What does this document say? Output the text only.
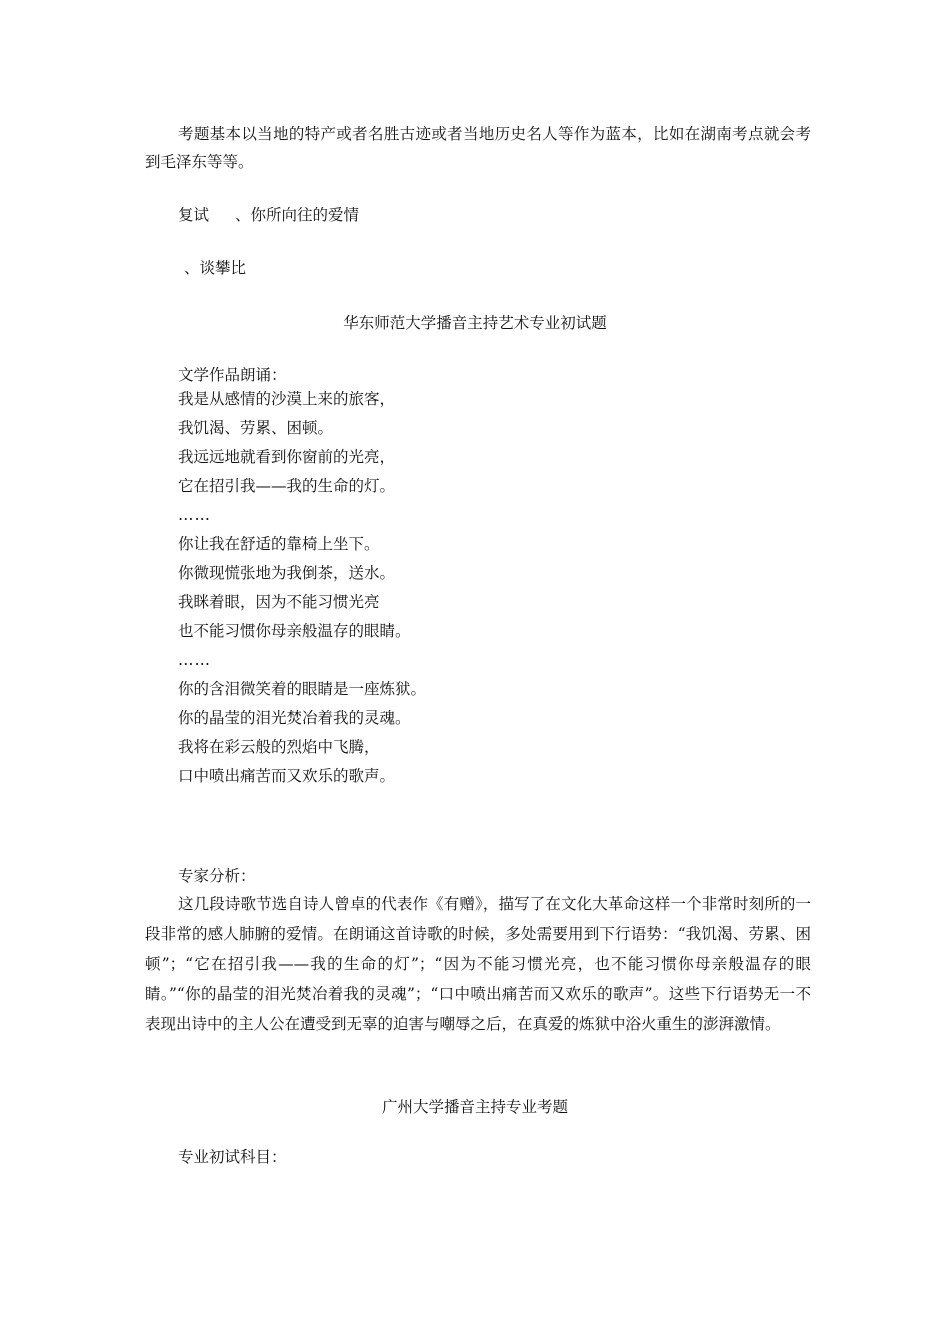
考题基本以当地的特产或者名胜古迹或者当地历史名人等作为蓝本，比如在湖南考点就会考到毛泽东等等。

复试 、你所向往的爱情
、谈攀比
华东师范大学播音主持艺术专业初试题
文学作品朗诵：
我是从感情的沙漠上来的旅客，
我饥渴、劳累、困顿。
我远远地就看到你窗前的光亮，
它在招引我——我的生命的灯。
……
你让我在舒适的靠椅上坐下。
你微现慌张地为我倒茶，送水。
我眯着眼，因为不能习惯光亮
也不能习惯你母亲般温存的眼睛。
……
你的含泪微笑着的眼睛是一座炼狱。
你的晶莹的泪光焚冶着我的灵魂。
我将在彩云般的烈焰中飞腾，
口中喷出痛苦而又欢乐的歌声。
专家分析：

这几段诗歌节选自诗人曾卓的代表作《有赠》，描写了在文化大革命这样一个非常时刻所的一段非常的感人肺腑的爱情。在朗诵这首诗歌的时候，多处需要用到下行语势：“我饥渴、劳累、困顿”；“它在招引我——我的生命的灯”；“因为不能习惯光亮，也不能习惯你母亲般温存的眼睛。”“你的晶莹的泪光焚冶着我的灵魂”；“口中喷出痛苦而又欢乐的歌声”。这些下行语势无一不表现出诗中的主人公在遭受到无辜的迫害与嘲辱之后，在真爱的炼狱中浴火重生的澎湃激情。

广州大学播音主持专业考题
专业初试科目：
